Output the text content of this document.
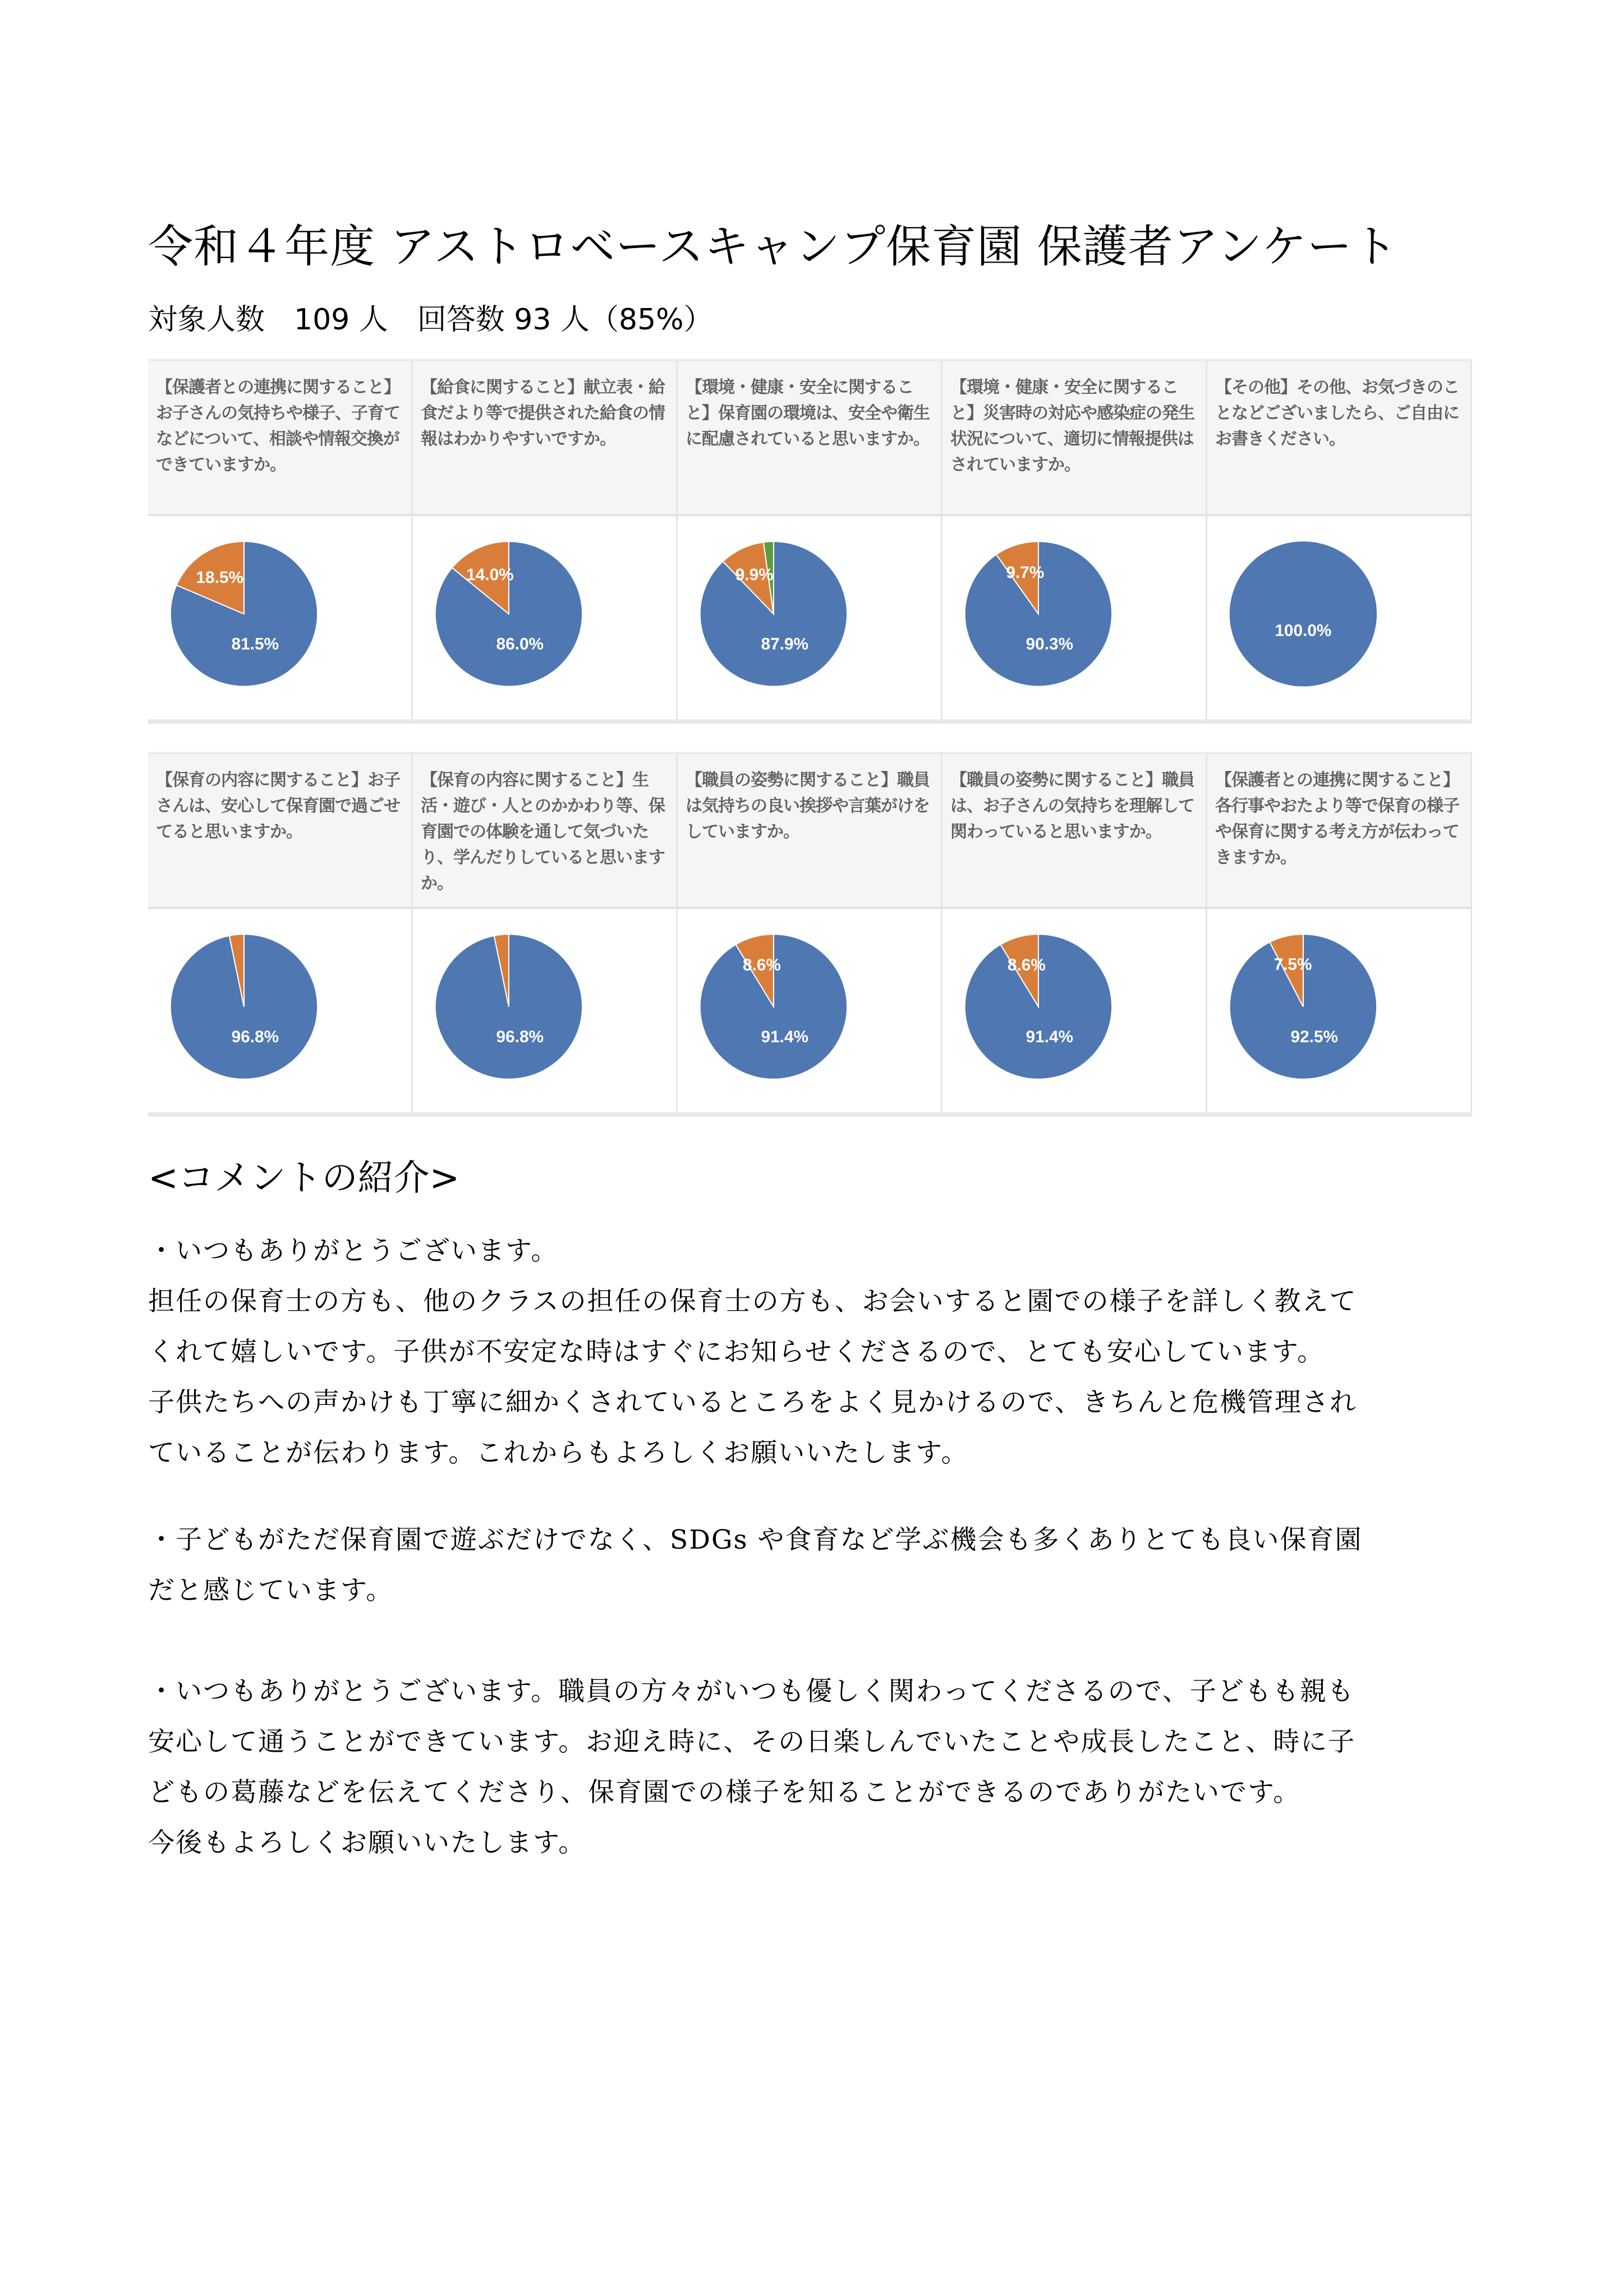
令和４年度 アストロベースキャンプ保育園 保護者アンケート
対象人数　109 人　回答数 93 人（85%）
【保護者との連携に関すること】お子さんの気持ちや様子、子育てなどについて、相談や情報交換ができていますか。
81.5%
18.5%
【給食に関すること】献立表・給食だより等で提供された給食の情報はわかりやすいですか。
86.0%
14.0%
【環境・健康・安全に関すること】保育園の環境は、安全や衛生に配慮されていると思いますか。
87.9%
9.9%
【環境・健康・安全に関すること】災害時の対応や感染症の発生状況について、適切に情報提供はされていますか。
90.3%
9.7%
【その他】その他、お気づきのことなどございましたら、ご自由にお書きください。
100.0%
【保育の内容に関すること】お子さんは、安心して保育園で過ごせてると思いますか。
96.8%
【保育の内容に関すること】生活・遊び・人とのかかわり等、保育園での体験を通して気づいたり、学んだりしていると思いますか。
96.8%
【職員の姿勢に関すること】職員は気持ちの良い挨拶や言葉がけをしていますか。
91.4%
8.6%
【職員の姿勢に関すること】職員は、お子さんの気持ちを理解して関わっていると思いますか。
91.4%
8.6%
【保護者との連携に関すること】各行事やおたより等で保育の様子や保育に関する考え方が伝わってきますか。
92.5%
7.5%
<コメントの紹介>

・いつもありがとうございます。

担任の保育士の方も、他のクラスの担任の保育士の方も、お会いすると園での様子を詳しく教えて

くれて嬉しいです。子供が不安定な時はすぐにお知らせくださるので、とても安心しています。

子供たちへの声かけも丁寧に細かくされているところをよく見かけるので、きちんと危機管理され

ていることが伝わります。これからもよろしくお願いいたします。

・子どもがただ保育園で遊ぶだけでなく、SDGs や食育など学ぶ機会も多くありとても良い保育園

だと感じています。

・いつもありがとうございます。職員の方々がいつも優しく関わってくださるので、子どもも親も

安心して通うことができています。お迎え時に、その日楽しんでいたことや成長したこと、時に子

どもの葛藤などを伝えてくださり、保育園での様子を知ることができるのでありがたいです。

今後もよろしくお願いいたします。
